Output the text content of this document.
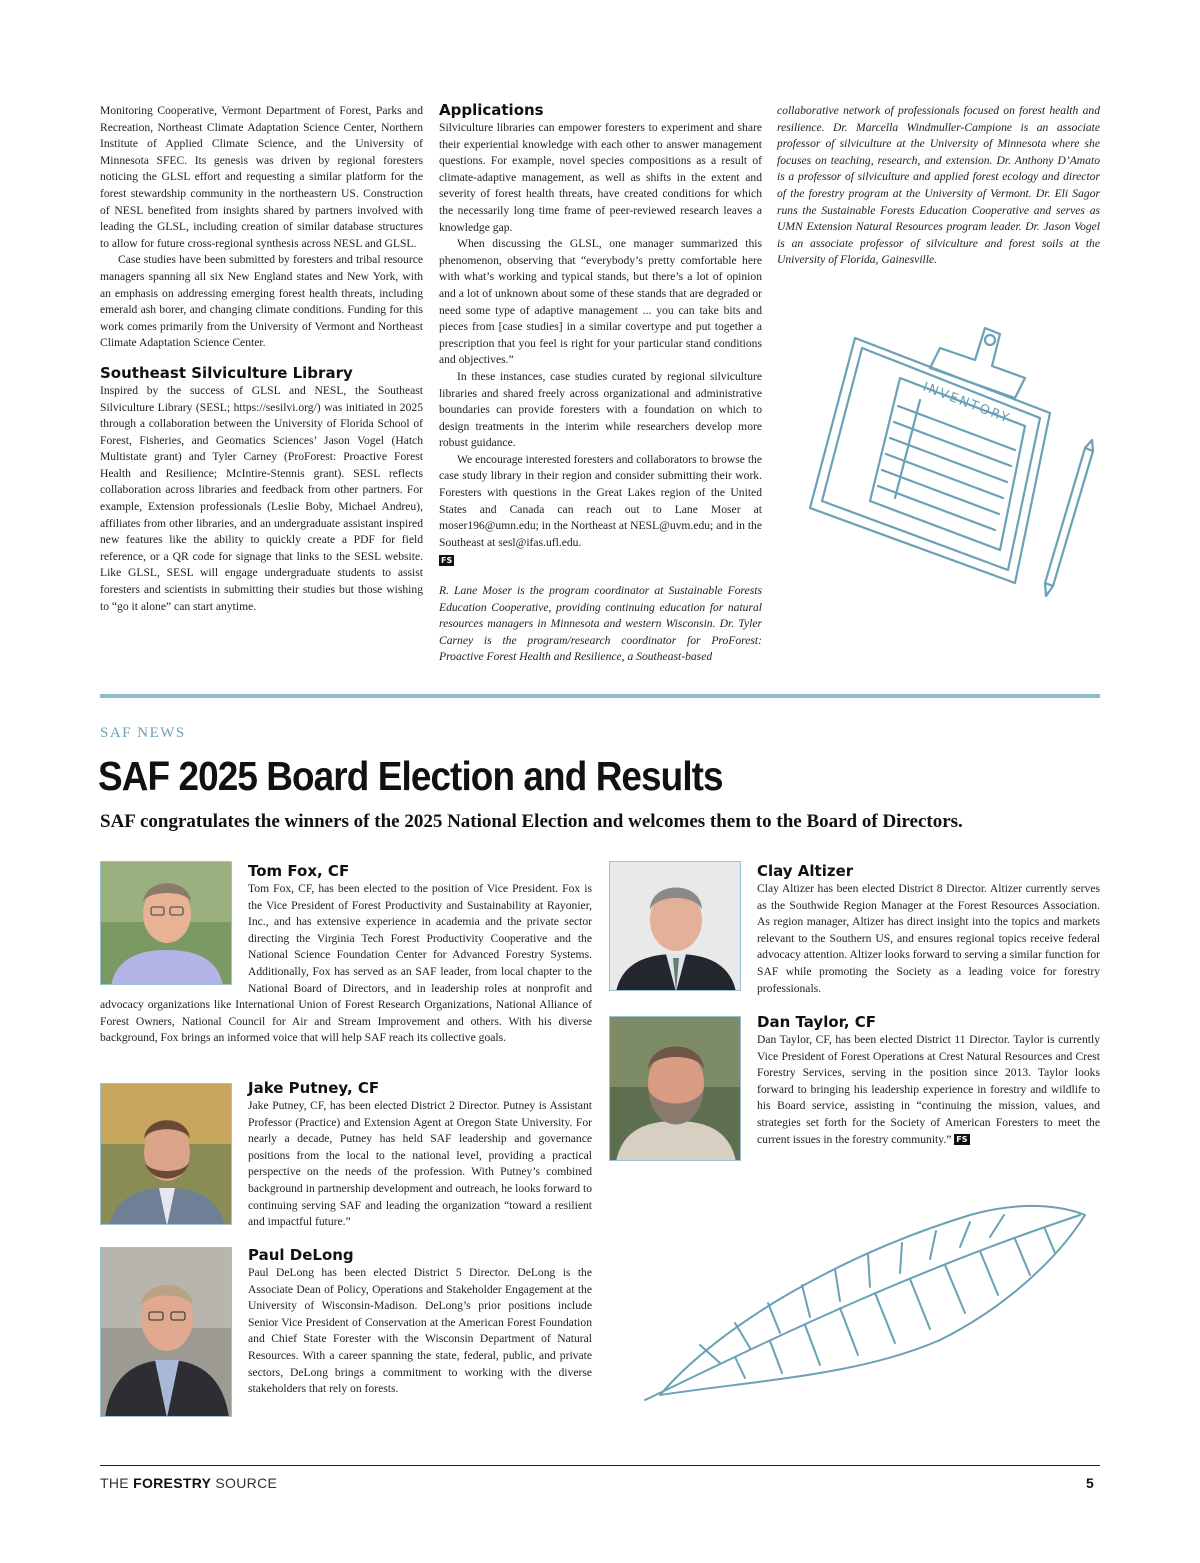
Monitoring Cooperative, Vermont Department of Forest, Parks and Recreation, Northeast Climate Adaptation Science Center, Northern Institute of Applied Climate Science, and the University of Minnesota SFEC. Its genesis was driven by regional foresters noticing the GLSL effort and requesting a similar platform for the forest stewardship community in the northeastern US. Construction of NESL benefited from insights shared by partners involved with leading the GLSL, including creation of similar database structures to allow for future cross-regional synthesis across NESL and GLSL.

Case studies have been submitted by foresters and tribal resource managers spanning all six New England states and New York, with an emphasis on addressing emerging forest health threats, including emerald ash borer, and changing climate conditions. Funding for this work comes primarily from the University of Vermont and Northeast Climate Adaptation Science Center.

Southeast Silviculture Library

Inspired by the success of GLSL and NESL, the Southeast Silviculture Library (SESL; https://sesilvi.org/) was initiated in 2025 through a collaboration between the University of Florida School of Forest, Fisheries, and Geomatics Sciences’ Jason Vogel (Hatch Multistate grant) and Tyler Carney (ProForest: Proactive Forest Health and Resilience; McIntire-Stennis grant). SESL reflects collaboration across libraries and feedback from other partners. For example, Extension professionals (Leslie Boby, Michael Andreu), affiliates from other libraries, and an undergraduate assistant inspired new features like the ability to quickly create a PDF for field reference, or a QR code for signage that links to the SESL website. Like GLSL, SESL will engage undergraduate students to assist foresters and scientists in submitting their studies but those wishing to “go it alone” can start anytime.

Applications

Silviculture libraries can empower foresters to experiment and share their experiential knowledge with each other to answer management questions. For example, novel species compositions as a result of climate-adaptive management, as well as shifts in the extent and severity of forest health threats, have created conditions for which the necessarily long time frame of peer-reviewed research leaves a knowledge gap.

When discussing the GLSL, one manager summarized this phenomenon, observing that “everybody’s pretty comfortable here with what’s working and typical stands, but there’s a lot of opinion and a lot of unknown about some of these stands that are degraded or need some type of adaptive management ... you can take bits and pieces from [case studies] in a similar covertype and put together a prescription that you feel is right for your particular stand conditions and objectives.”

In these instances, case studies curated by regional silviculture libraries and shared freely across organizational and administrative boundaries can provide foresters with a foundation on which to design treatments in the interim while researchers develop more robust guidance.

We encourage interested foresters and collaborators to browse the case study library in their region and consider submitting their work. Foresters with questions in the Great Lakes region of the United States and Canada can reach out to Lane Moser at moser196@umn.edu; in the Northeast at NESL@uvm.edu; and in the Southeast at sesl@ifas.ufl.edu.

FS

R. Lane Moser is the program coordinator at Sustainable Forests Education Cooperative, providing continuing education for natural resources managers in Minnesota and western Wisconsin. Dr. Tyler Carney is the program/research coordinator for ProForest: Proactive Forest Health and Resilience, a Southeast-based

collaborative network of professionals focused on forest health and resilience. Dr. Marcella Windmuller-Campione is an associate professor of silviculture at the University of Minnesota where she focuses on teaching, research, and extension. Dr. Anthony D’Amato is a professor of silviculture and applied forest ecology and director of the forestry program at the University of Vermont. Dr. Eli Sagor runs the Sustainable Forests Education Cooperative and serves as UMN Extension Natural Resources program leader. Dr. Jason Vogel is an associate professor of silviculture and forest soils at the University of Florida, Gainesville.

INVENTORY
SAF NEWS
SAF 2025 Board Election and Results
SAF congratulates the winners of the 2025 National Election and welcomes them to the Board of Directors.
Tom Fox, CF
Tom Fox, CF, has been elected to the position of Vice President. Fox is the Vice President of Forest Productivity and Sustainability at Rayonier, Inc., and has extensive experience in academia and the private sector directing the Virginia Tech Forest Productivity Cooperative and the National Science Foundation Center for Advanced Forestry Systems. Additionally, Fox has served as an SAF leader, from local chapter to the National Board of Directors, and in leadership roles at nonprofit and advocacy organizations like International Union of Forest Research Organizations, National Alliance of Forest Owners, National Council for Air and Stream Improvement and others. With his diverse background, Fox brings an informed voice that will help SAF reach its collective goals.
Jake Putney, CF
Jake Putney, CF, has been elected District 2 Director. Putney is Assistant Professor (Practice) and Extension Agent at Oregon State University. For nearly a decade, Putney has held SAF leadership and governance positions from the local to the national level, providing a practical perspective on the needs of the profession. With Putney’s combined background in partnership development and outreach, he looks forward to continuing serving SAF and leading the organization “toward a resilient and impactful future.”
Paul DeLong
Paul DeLong has been elected District 5 Director. DeLong is the Associate Dean of Policy, Operations and Stakeholder Engagement at the University of Wisconsin-Madison. DeLong’s prior positions include Senior Vice President of Conservation at the American Forest Foundation and Chief State Forester with the Wisconsin Department of Natural Resources. With a career spanning the state, federal, public, and private sectors, DeLong brings a commitment to working with the diverse stakeholders that rely on forests.
Clay Altizer
Clay Altizer has been elected District 8 Director. Altizer currently serves as the Southwide Region Manager at the Forest Resources Association. As region manager, Altizer has direct insight into the topics and markets relevant to the Southern US, and ensures regional topics receive federal advocacy attention. Altizer looks forward to serving a similar function for SAF while promoting the Society as a leading voice for forestry professionals.
Dan Taylor, CF
Dan Taylor, CF, has been elected District 11 Director. Taylor is currently Vice President of Forest Operations at Crest Natural Resources and Crest Forestry Services, serving in the position since 2013. Taylor looks forward to bringing his leadership experience in forestry and wildlife to his Board service, assisting in “continuing the mission, values, and strategies set forth for the Society of American Foresters to meet the current issues in the forestry community.” FS
THE FORESTRY SOURCE	5
